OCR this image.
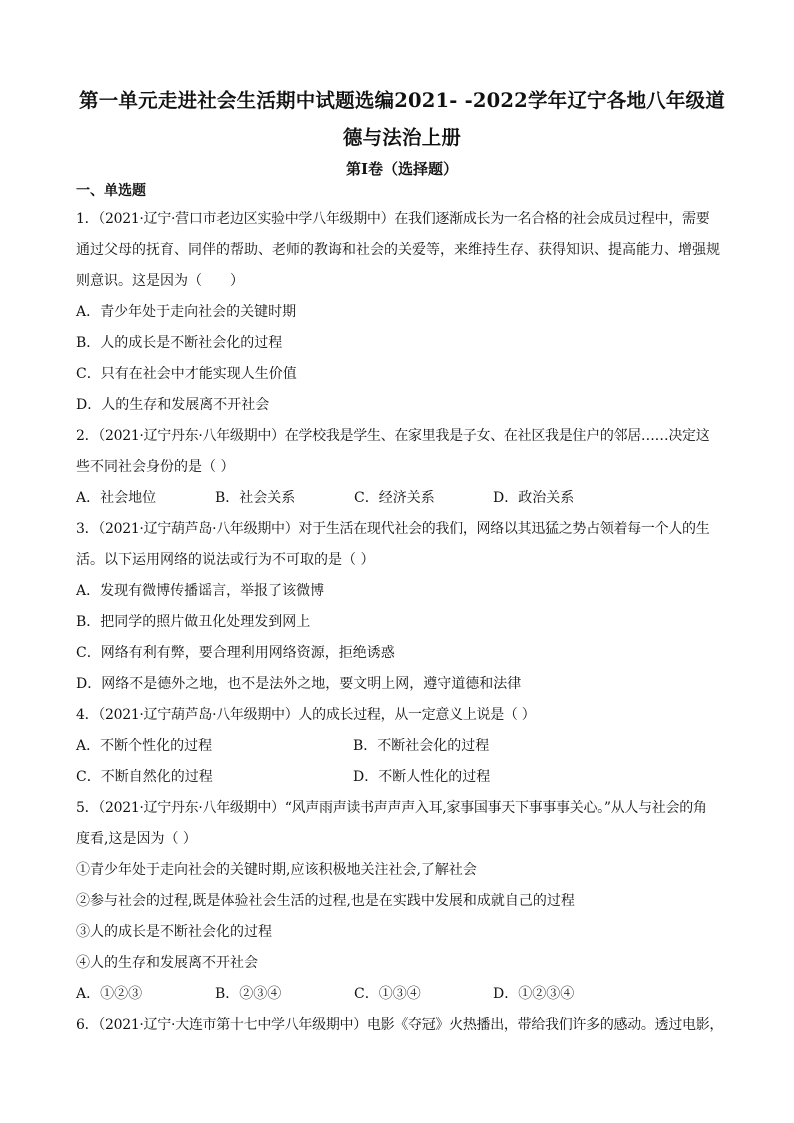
第一单元走进社会生活期中试题选编2021- -2022学年辽宁各地八年级道
德与法治上册
第I卷（选择题）
一、单选题
1．（2021·辽宁·营口市老边区实验中学八年级期中）在我们逐渐成长为一名合格的社会成员过程中，需要
通过父母的抚育、同伴的帮助、老师的教诲和社会的关爱等，来维持生存、获得知识、提高能力、增强规
则意识。这是因为（　　）
A．青少年处于走向社会的关键时期
B．人的成长是不断社会化的过程
C．只有在社会中才能实现人生价值
D．人的生存和发展离不开社会
2．（2021·辽宁丹东·八年级期中）在学校我是学生、在家里我是子女、在社区我是住户的邻居……决定这
些不同社会身份的是（ ）
A．社会地位	B．社会关系	C．经济关系	D．政治关系
3．（2021·辽宁葫芦岛·八年级期中）对于生活在现代社会的我们，网络以其迅猛之势占领着每一个人的生
活。以下运用网络的说法或行为不可取的是（ ）
A．发现有微博传播谣言，举报了该微博
B．把同学的照片做丑化处理发到网上
C．网络有利有弊，要合理利用网络资源，拒绝诱惑
D．网络不是德外之地，也不是法外之地，要文明上网，遵守道德和法律
4．（2021·辽宁葫芦岛·八年级期中）人的成长过程，从一定意义上说是（ ）
A．不断个性化的过程	B．不断社会化的过程
C．不断自然化的过程	D．不断人性化的过程
5．（2021·辽宁丹东·八年级期中）“风声雨声读书声声声入耳,家事国事天下事事事关心。”从人与社会的角
度看,这是因为（ ）
①青少年处于走向社会的关键时期,应该积极地关注社会,了解社会
②参与社会的过程,既是体验社会生活的过程,也是在实践中发展和成就自己的过程
③人的成长是不断社会化的过程
④人的生存和发展离不开社会
A．①②③	B．②③④	C．①③④	D．①②③④
6．（2021·辽宁·大连市第十七中学八年级期中）电影《夺冠》火热播出，带给我们许多的感动。透过电影，
